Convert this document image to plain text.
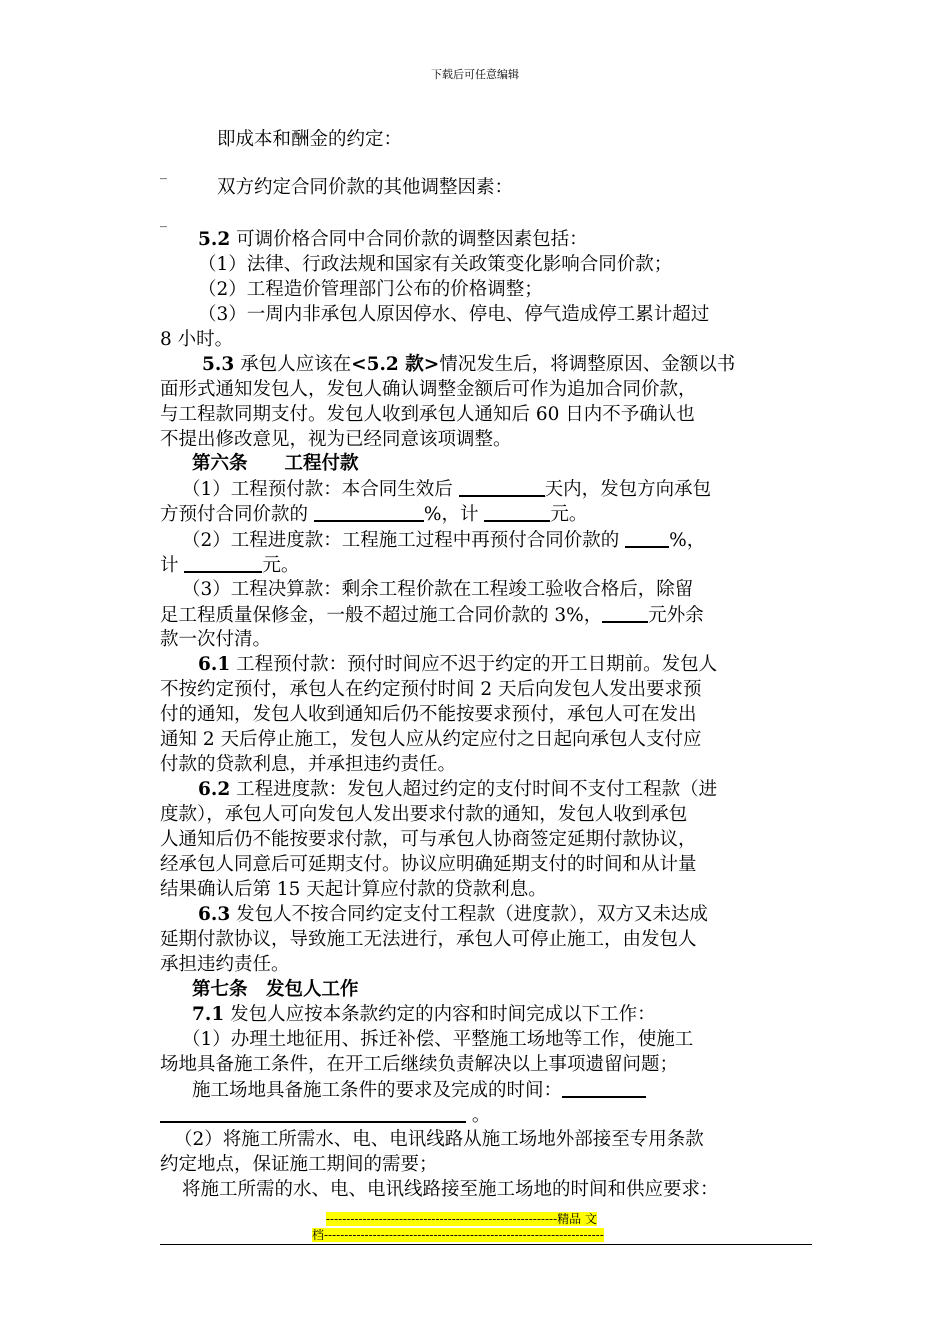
下载后可任意编辑
即成本和酬金的约定：
_
双方约定合同价款的其他调整因素：
_
5.2 可调价格合同中合同价款的调整因素包括：
（1）法律、行政法规和国家有关政策变化影响合同价款；
（2）工程造价管理部门公布的价格调整；
（3）一周内非承包人原因停水、停电、停气造成停工累计超过
8 小时。
5.3 承包人应该在<5.2 款>情况发生后，将调整原因、金额以书
面形式通知发包人，发包人确认调整金额后可作为追加合同价款，
与工程款同期支付。发包人收到承包人通知后 60 日内不予确认也
不提出修改意见，视为已经同意该项调整。
第六条　　工程付款
（1）工程预付款：本合同生效后	天内，发包方向承包
方预付合同价款的	%，计	元。
（2）工程进度款：工程施工过程中再预付合同价款的	%，
计	元。
（3）工程决算款：剩余工程价款在工程竣工验收合格后，除留
足工程质量保修金，一般不超过施工合同价款的 3%， 元外余
款一次付清。
6.1 工程预付款：预付时间应不迟于约定的开工日期前。发包人
不按约定预付，承包人在约定预付时间 2 天后向发包人发出要求预
付的通知，发包人收到通知后仍不能按要求预付，承包人可在发出
通知 2 天后停止施工，发包人应从约定应付之日起向承包人支付应
付款的贷款利息，并承担违约责任。
6.2 工程进度款：发包人超过约定的支付时间不支付工程款（进
度款），承包人可向发包人发出要求付款的通知，发包人收到承包
人通知后仍不能按要求付款，可与承包人协商签定延期付款协议，
经承包人同意后可延期支付。协议应明确延期支付的时间和从计量
结果确认后第 15 天起计算应付款的贷款利息。
6.3 发包人不按合同约定支付工程款（进度款），双方又未达成
延期付款协议，导致施工无法进行，承包人可停止施工，由发包人
承担违约责任。
第七条　发包人工作
7.1 发包人应按本条款约定的内容和时间完成以下工作：
（1）办理土地征用、拆迁补偿、平整施工场地等工作，使施工
场地具备施工条件，在开工后继续负责解决以上事项遗留问题；
施工场地具备施工条件的要求及完成的时间：
。
（2）将施工所需水、电、电讯线路从施工场地外部接至专用条款
约定地点，保证施工期间的需要；
将施工所需的水、电、电讯线路接至施工场地的时间和供应要求：
---------------------------------------------------------精品 文
档---------------------------------------------------------------------
